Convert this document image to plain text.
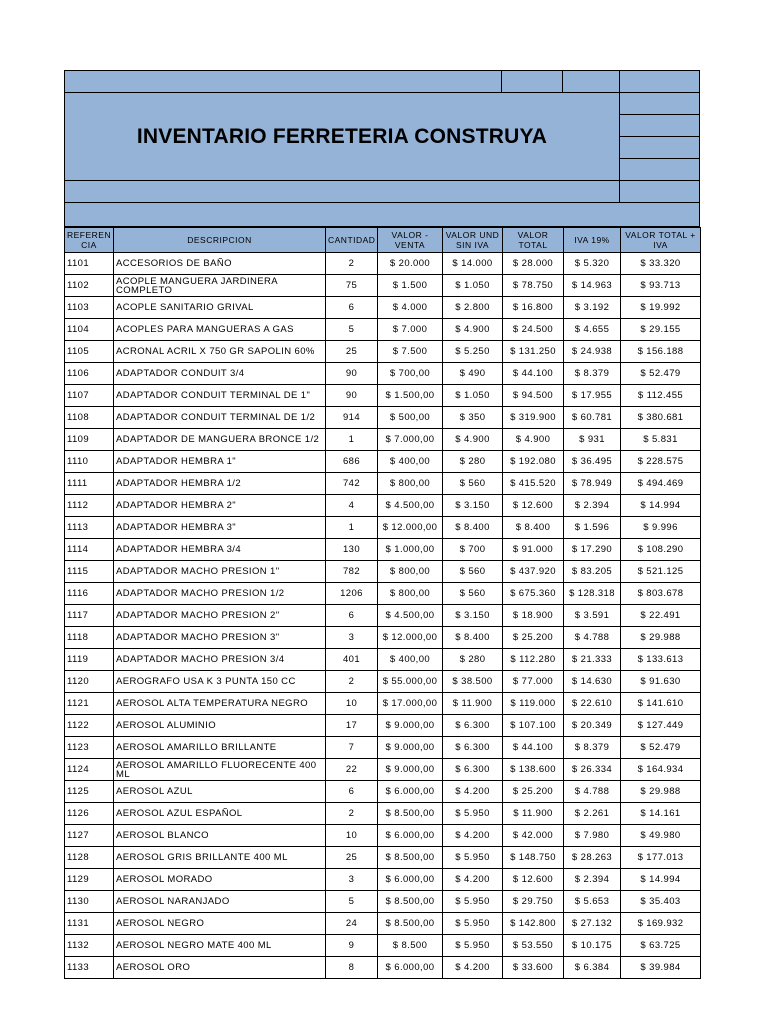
INVENTARIO FERRETERIA CONSTRUYA
REFEREN CIA	DESCRIPCION	CANTIDAD	VALOR - VENTA	VALOR UND SIN IVA	VALOR TOTAL	IVA 19%	VALOR TOTAL + IVA
1101	ACCESORIOS DE BAÑO	2	$ 20.000	$ 14.000	$ 28.000	$ 5.320	$ 33.320
1102	ACOPLE MANGUERA JARDINERA COMPLETO	75	$ 1.500	$ 1.050	$ 78.750	$ 14.963	$ 93.713
1103	ACOPLE SANITARIO GRIVAL	6	$ 4.000	$ 2.800	$ 16.800	$ 3.192	$ 19.992
1104	ACOPLES PARA MANGUERAS A GAS	5	$ 7.000	$ 4.900	$ 24.500	$ 4.655	$ 29.155
1105	ACRONAL ACRIL X 750 GR SAPOLIN 60%	25	$ 7.500	$ 5.250	$ 131.250	$ 24.938	$ 156.188
1106	ADAPTADOR CONDUIT 3/4	90	$ 700,00	$ 490	$ 44.100	$ 8.379	$ 52.479
1107	ADAPTADOR CONDUIT TERMINAL DE 1"	90	$ 1.500,00	$ 1.050	$ 94.500	$ 17.955	$ 112.455
1108	ADAPTADOR CONDUIT TERMINAL DE 1/2	914	$ 500,00	$ 350	$ 319.900	$ 60.781	$ 380.681
1109	ADAPTADOR DE MANGUERA BRONCE 1/2	1	$ 7.000,00	$ 4.900	$ 4.900	$ 931	$ 5.831
1110	ADAPTADOR HEMBRA 1"	686	$ 400,00	$ 280	$ 192.080	$ 36.495	$ 228.575
1111	ADAPTADOR HEMBRA 1/2	742	$ 800,00	$ 560	$ 415.520	$ 78.949	$ 494.469
1112	ADAPTADOR HEMBRA 2"	4	$ 4.500,00	$ 3.150	$ 12.600	$ 2.394	$ 14.994
1113	ADAPTADOR HEMBRA 3"	1	$ 12.000,00	$ 8.400	$ 8.400	$ 1.596	$ 9.996
1114	ADAPTADOR HEMBRA 3/4	130	$ 1.000,00	$ 700	$ 91.000	$ 17.290	$ 108.290
1115	ADAPTADOR MACHO PRESION 1"	782	$ 800,00	$ 560	$ 437.920	$ 83.205	$ 521.125
1116	ADAPTADOR MACHO PRESION 1/2	1206	$ 800,00	$ 560	$ 675.360	$ 128.318	$ 803.678
1117	ADAPTADOR MACHO PRESION 2"	6	$ 4.500,00	$ 3.150	$ 18.900	$ 3.591	$ 22.491
1118	ADAPTADOR MACHO PRESION 3"	3	$ 12.000,00	$ 8.400	$ 25.200	$ 4.788	$ 29.988
1119	ADAPTADOR MACHO PRESION 3/4	401	$ 400,00	$ 280	$ 112.280	$ 21.333	$ 133.613
1120	AEROGRAFO USA K 3 PUNTA 150 CC	2	$ 55.000,00	$ 38.500	$ 77.000	$ 14.630	$ 91.630
1121	AEROSOL ALTA TEMPERATURA NEGRO	10	$ 17.000,00	$ 11.900	$ 119.000	$ 22.610	$ 141.610
1122	AEROSOL ALUMINIO	17	$ 9.000,00	$ 6.300	$ 107.100	$ 20.349	$ 127.449
1123	AEROSOL AMARILLO BRILLANTE	7	$ 9.000,00	$ 6.300	$ 44.100	$ 8.379	$ 52.479
1124	AEROSOL AMARILLO FLUORECENTE 400 ML	22	$ 9.000,00	$ 6.300	$ 138.600	$ 26.334	$ 164.934
1125	AEROSOL AZUL	6	$ 6.000,00	$ 4.200	$ 25.200	$ 4.788	$ 29.988
1126	AEROSOL AZUL ESPAÑOL	2	$ 8.500,00	$ 5.950	$ 11.900	$ 2.261	$ 14.161
1127	AEROSOL BLANCO	10	$ 6.000,00	$ 4.200	$ 42.000	$ 7.980	$ 49.980
1128	AEROSOL GRIS BRILLANTE 400 ML	25	$ 8.500,00	$ 5.950	$ 148.750	$ 28.263	$ 177.013
1129	AEROSOL MORADO	3	$ 6.000,00	$ 4.200	$ 12.600	$ 2.394	$ 14.994
1130	AEROSOL NARANJADO	5	$ 8.500,00	$ 5.950	$ 29.750	$ 5.653	$ 35.403
1131	AEROSOL NEGRO	24	$ 8.500,00	$ 5.950	$ 142.800	$ 27.132	$ 169.932
1132	AEROSOL NEGRO MATE 400 ML	9	$ 8.500	$ 5.950	$ 53.550	$ 10.175	$ 63.725
1133	AEROSOL ORO	8	$ 6.000,00	$ 4.200	$ 33.600	$ 6.384	$ 39.984
